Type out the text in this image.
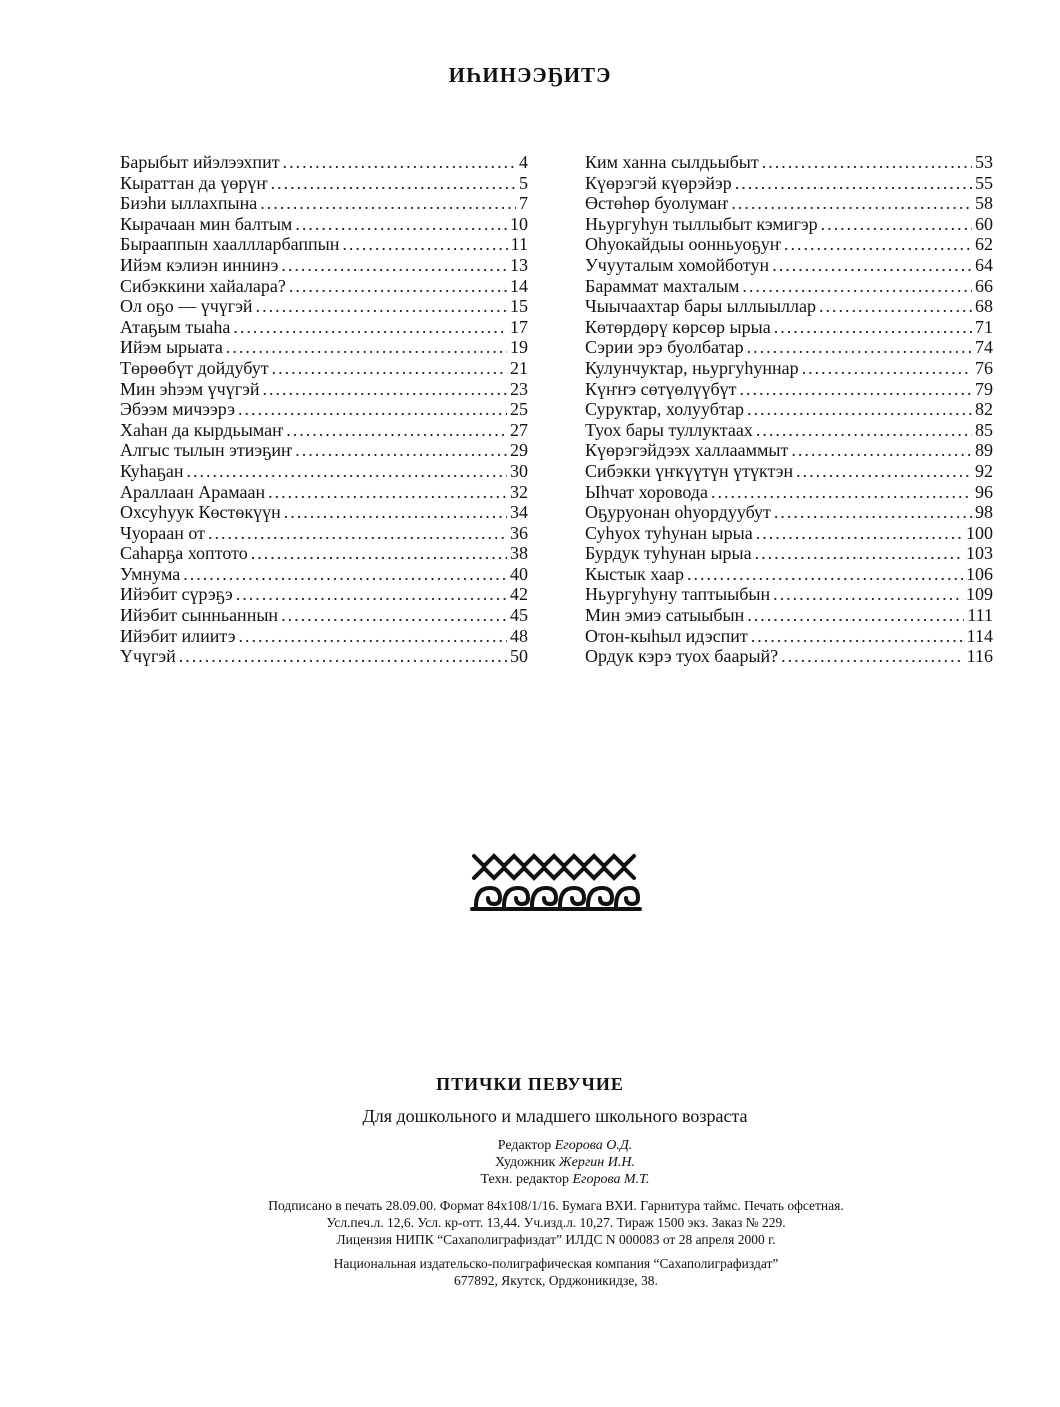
ИҺИНЭЭҔИТЭ
Барыбыт ийэлээхпит .....	4
Кыраттан да үөрүҥ .....	5
Биэһи ыллахпына .....	7
Кырачаан мин балтым .....	10
Бырааппын хааллларбаппын .....	11
Ийэм кэлиэн иннинэ .....	13
Сибэккини хайалара? .....	14
Ол оҕо — үчүгэй .....	15
Атаҕым тыаһа .....	17
Ийэм ырыата .....	19
Төрөөбүт дойдубут .....	21
Мин эһээм үчүгэй .....	23
Эбээм мичээрэ .....	25
Хаһан да кырдьымаҥ .....	27
Алгыс тылын этиэҕиҥ .....	29
Куһаҕан .....	30
Араллаан Арамаан .....	32
Охсуһуук Көстөкүүн .....	34
Чуораан от .....	36
Саһарҕа хоптото .....	38
Умнума .....	40
Ийэбит сүрэҕэ .....	42
Ийэбит сынньаннын .....	45
Ийэбит илиитэ .....	48
Үчүгэй .....	50
Ким ханна сылдьыбыт .....	53
Күөрэгэй күөрэйэр .....	55
Өстөһөр буолумаҥ .....	58
Ньургуһун тыллыбыт кэмигэр .....	60
Оһуокайдыы оонньуоҕуҥ .....	62
Учууталым хомойботун .....	64
Бараммат махталым .....	66
Чыычаахтар бары ыллыыллар .....	68
Көтөрдөрү көрсөр ырыа .....	71
Сэрии эрэ буолбатар .....	74
Кулунчуктар, ньургуһуннар .....	76
Күҥҥэ сөтүөлүүбүт .....	79
Суруктар, холуубтар .....	82
Туох бары туллуктаах .....	85
Күөрэгэйдээх халлааммыт .....	89
Сибэкки үҥкүүтүн үтүктэн .....	92
Ыһчат хоровода .....	96
Оҕуруонан оһуордуубут .....	98
Суһуох туһунан ырыа .....	100
Бурдук туһунан ырыа .....	103
Кыстык хаар .....	106
Ньургуһуну таптыыбын .....	109
Мин эмиэ сатыыбын .....	111
Отон-кыһыл идэспит .....	114
Ордук кэрэ туох баарый? .....	116
ПТИЧКИ ПЕВУЧИЕ
Для дошкольного и младшего школьного возраста
Редактор Егорова О.Д.
Художник Жергин И.Н.
Техн. редактор Егорова М.Т.
Подписано в печать 28.09.00. Формат 84х108/1/16. Бумага ВХИ. Гарнитура таймс. Печать офсетная.
Усл.печ.л. 12,6. Усл. кр-отт. 13,44. Уч.изд.л. 10,27. Тираж 1500 экз. Заказ № 229.
Лицензия НИПК “Сахаполиграфиздат” ИЛДС N 000083 от 28 апреля 2000 г.
Национальная издательско-полиграфическая компания “Сахаполиграфиздат”
677892, Якутск, Орджоникидзе, 38.
